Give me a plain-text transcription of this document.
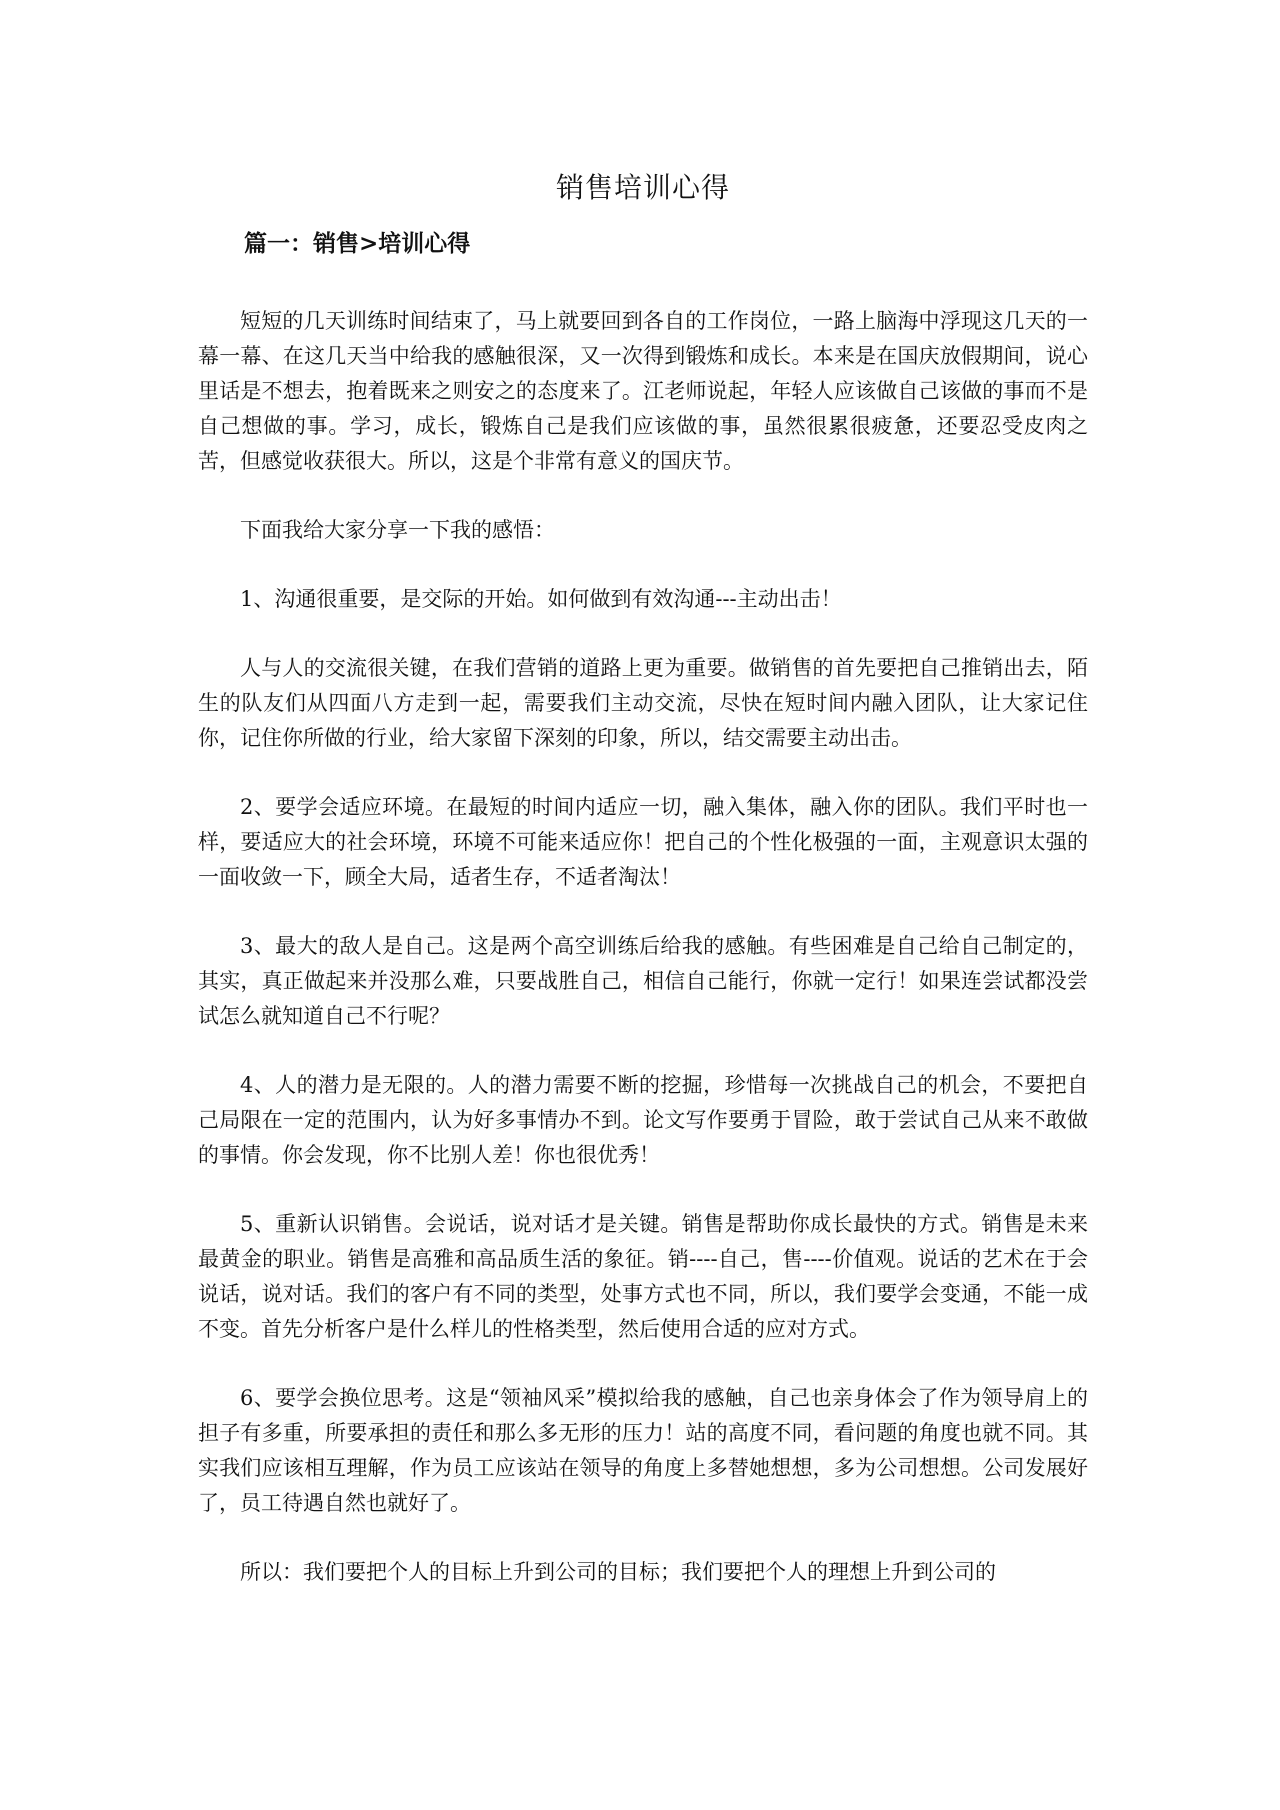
销售培训心得

篇一：销售>培训心得

短短的几天训练时间结束了，马上就要回到各自的工作岗位，一路上脑海中浮现这几天的一幕一幕、在这几天当中给我的感触很深，又一次得到锻炼和成长。本来是在国庆放假期间，说心里话是不想去，抱着既来之则安之的态度来了。江老师说起，年轻人应该做自己该做的事而不是自己想做的事。学习，成长，锻炼自己是我们应该做的事，虽然很累很疲惫，还要忍受皮肉之苦，但感觉收获很大。所以，这是个非常有意义的国庆节。

下面我给大家分享一下我的感悟：

1、沟通很重要，是交际的开始。如何做到有效沟通---主动出击！

人与人的交流很关键，在我们营销的道路上更为重要。做销售的首先要把自己推销出去，陌生的队友们从四面八方走到一起，需要我们主动交流，尽快在短时间内融入团队，让大家记住你，记住你所做的行业，给大家留下深刻的印象，所以，结交需要主动出击。

2、要学会适应环境。在最短的时间内适应一切，融入集体，融入你的团队。我们平时也一样，要适应大的社会环境，环境不可能来适应你！把自己的个性化极强的一面，主观意识太强的一面收敛一下，顾全大局，适者生存，不适者淘汰！

3、最大的敌人是自己。这是两个高空训练后给我的感触。有些困难是自己给自己制定的，其实，真正做起来并没那么难，只要战胜自己，相信自己能行，你就一定行！如果连尝试都没尝试怎么就知道自己不行呢？

4、人的潜力是无限的。人的潜力需要不断的挖掘，珍惜每一次挑战自己的机会，不要把自己局限在一定的范围内，认为好多事情办不到。论文写作要勇于冒险，敢于尝试自己从来不敢做的事情。你会发现，你不比别人差！你也很优秀！

5、重新认识销售。会说话，说对话才是关键。销售是帮助你成长最快的方式。销售是未来最黄金的职业。销售是高雅和高品质生活的象征。销----自己，售----价值观。说话的艺术在于会说话，说对话。我们的客户有不同的类型，处事方式也不同，所以，我们要学会变通，不能一成不变。首先分析客户是什么样儿的性格类型，然后使用合适的应对方式。

6、要学会换位思考。这是“领袖风采”模拟给我的感触，自己也亲身体会了作为领导肩上的担子有多重，所要承担的责任和那么多无形的压力！站的高度不同，看问题的角度也就不同。其实我们应该相互理解，作为员工应该站在领导的角度上多替她想想，多为公司想想。公司发展好了，员工待遇自然也就好了。

所以：我们要把个人的目标上升到公司的目标；我们要把个人的理想上升到公司的
